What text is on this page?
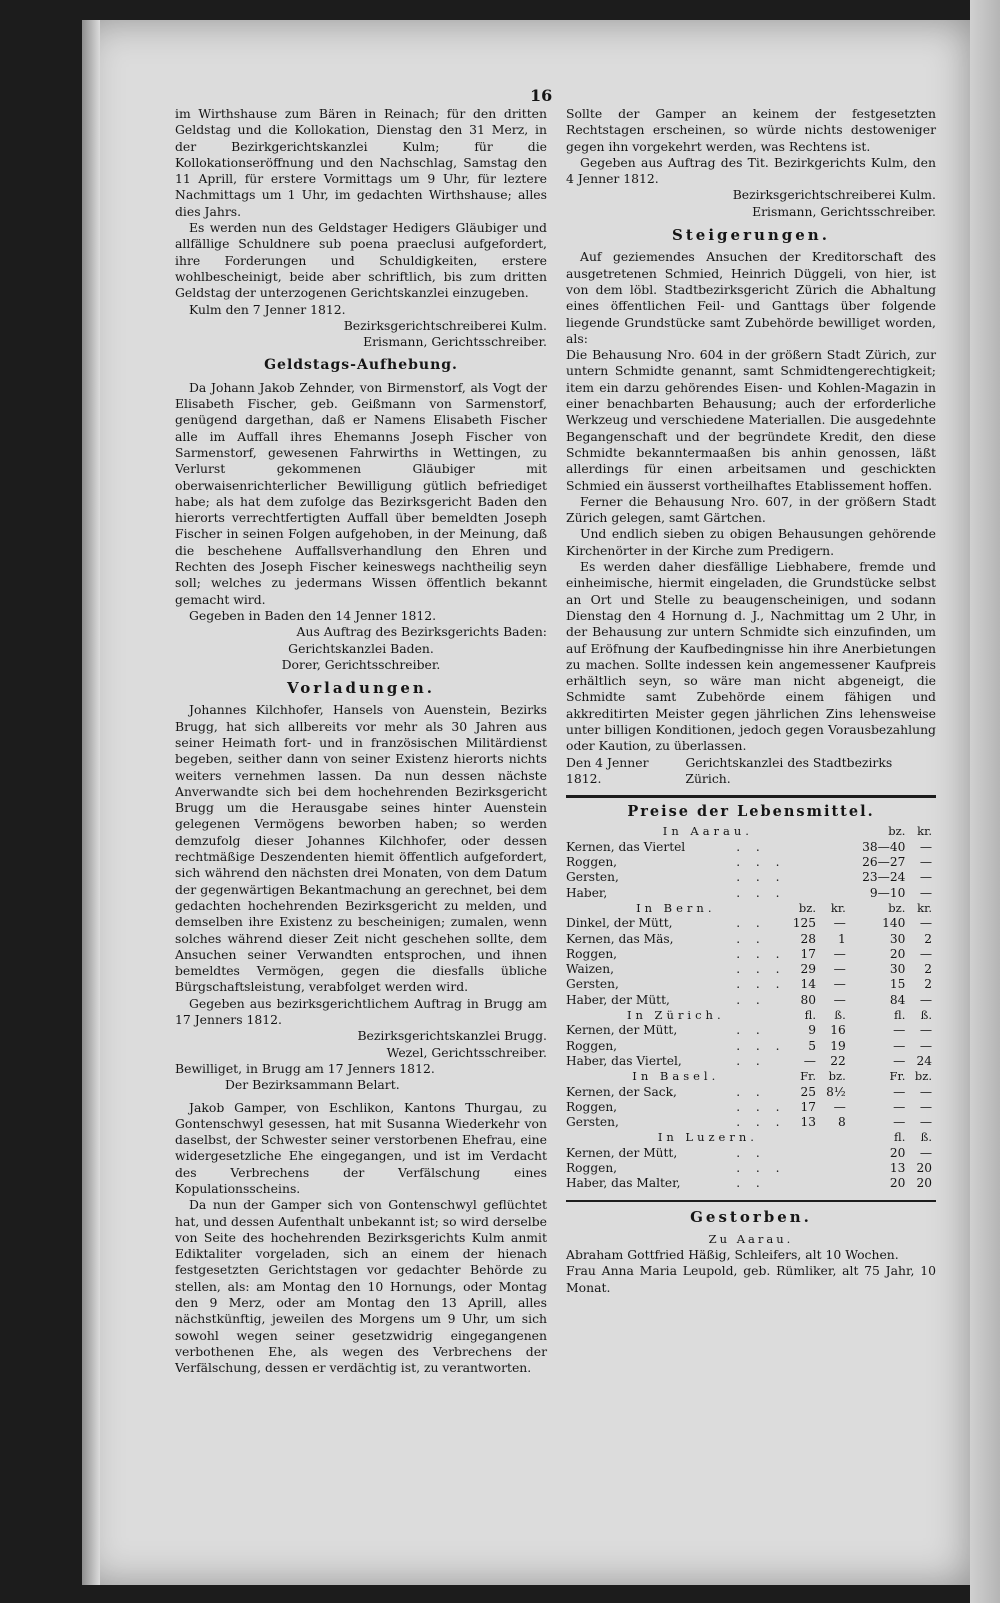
16

im Wirthshause zum Bären in Reinach; für den dritten Geldstag und die Kollokation, Dienstag den 31 Merz, in der Bezirkgerichtskanzlei Kulm; für die Kollokationseröffnung und den Nachschlag, Samstag den 11 Aprill, für erstere Vormittags um 9 Uhr, für leztere Nachmittags um 1 Uhr, im gedachten Wirthshause; alles dies Jahrs.

Es werden nun des Geldstager Hedigers Gläubiger und allfällige Schuldnere sub poena praeclusi aufgefordert, ihre Forderungen und Schuldigkeiten, erstere wohlbescheinigt, beide aber schriftlich, bis zum dritten Geldstag der unterzogenen Gerichtskanzlei einzugeben.

Kulm den 7 Jenner 1812.

Bezirksgerichtschreiberei Kulm.

Erismann, Gerichtsschreiber.

Geldstags-Aufhebung.

Da Johann Jakob Zehnder, von Birmenstorf, als Vogt der Elisabeth Fischer, geb. Geißmann von Sarmenstorf, genügend dargethan, daß er Namens Elisabeth Fischer alle im Auffall ihres Ehemanns Joseph Fischer von Sarmenstorf, gewesenen Fahrwirths in Wettingen, zu Verlurst gekommenen Gläubiger mit oberwaisenrichterlicher Bewilligung gütlich befriediget habe; als hat dem zufolge das Bezirksgericht Baden den hierorts verrechtfertigten Auffall über bemeldten Joseph Fischer in seinen Folgen aufgehoben, in der Meinung, daß die beschehene Auffallsverhandlung den Ehren und Rechten des Joseph Fischer keineswegs nachtheilig seyn soll; welches zu jedermans Wissen öffentlich bekannt gemacht wird.

Gegeben in Baden den 14 Jenner 1812.

Aus Auftrag des Bezirksgerichts Baden:

Gerichtskanzlei Baden.

Dorer, Gerichtsschreiber.

Vorladungen.

Johannes Kilchhofer, Hansels von Auenstein, Bezirks Brugg, hat sich allbereits vor mehr als 30 Jahren aus seiner Heimath fort- und in französischen Militärdienst begeben, seither dann von seiner Existenz hierorts nichts weiters vernehmen lassen. Da nun dessen nächste Anverwandte sich bei dem hochehrenden Bezirksgericht Brugg um die Herausgabe seines hinter Auenstein gelegenen Vermögens beworben haben; so werden demzufolg dieser Johannes Kilchhofer, oder dessen rechtmäßige Deszendenten hiemit öffentlich aufgefordert, sich während den nächsten drei Monaten, von dem Datum der gegenwärtigen Bekantmachung an gerechnet, bei dem gedachten hochehrenden Bezirksgericht zu melden, und demselben ihre Existenz zu bescheinigen; zumalen, wenn solches während dieser Zeit nicht geschehen sollte, dem Ansuchen seiner Verwandten entsprochen, und ihnen bemeldtes Vermögen, gegen die diesfalls übliche Bürgschaftsleistung, verabfolget werden wird.

Gegeben aus bezirksgerichtlichem Auftrag in Brugg am 17 Jenners 1812.

Bezirksgerichtskanzlei Brugg.

Wezel, Gerichtsschreiber.

Bewilliget, in Brugg am 17 Jenners 1812.

Der Bezirksammann Belart.

Jakob Gamper, von Eschlikon, Kantons Thurgau, zu Gontenschwyl gesessen, hat mit Susanna Wiederkehr von daselbst, der Schwester seiner verstorbenen Ehefrau, eine widergesetzliche Ehe eingegangen, und ist im Verdacht des Verbrechens der Verfälschung eines Kopulationsscheins.

Da nun der Gamper sich von Gontenschwyl geflüchtet hat, und dessen Aufenthalt unbekannt ist; so wird derselbe von Seite des hochehrenden Bezirksgerichts Kulm anmit Ediktaliter vorgeladen, sich an einem der hienach festgesetzten Gerichtstagen vor gedachter Behörde zu stellen, als: am Montag den 10 Hornungs, oder Montag den 9 Merz, oder am Montag den 13 Aprill, alles nächstkünftig, jeweilen des Morgens um 9 Uhr, um sich sowohl wegen seiner gesetzwidrig eingegangenen verbothenen Ehe, als wegen des Verbrechens der Verfälschung, dessen er verdächtig ist, zu verantworten.

Sollte der Gamper an keinem der festgesetzten Rechtstagen erscheinen, so würde nichts destoweniger gegen ihn vorgekehrt werden, was Rechtens ist.

Gegeben aus Auftrag des Tit. Bezirkgerichts Kulm, den 4 Jenner 1812.

Bezirksgerichtschreiberei Kulm.

Erismann, Gerichtsschreiber.

Steigerungen.

Auf geziemendes Ansuchen der Kreditorschaft des ausgetretenen Schmied, Heinrich Düggeli, von hier, ist von dem löbl. Stadtbezirksgericht Zürich die Abhaltung eines öffentlichen Feil- und Ganttags über folgende liegende Grundstücke samt Zubehörde bewilliget worden, als:

Die Behausung Nro. 604 in der größern Stadt Zürich, zur untern Schmidte genannt, samt Schmidtengerechtigkeit; item ein darzu gehörendes Eisen- und Kohlen-Magazin in einer benachbarten Behausung; auch der erforderliche Werkzeug und verschiedene Materiallen. Die ausgedehnte Begangenschaft und der begründete Kredit, den diese Schmidte bekanntermaaßen bis anhin genossen, läßt allerdings für einen arbeitsamen und geschickten Schmied ein äusserst vortheilhaftes Etablissement hoffen.

Ferner die Behausung Nro. 607, in der größern Stadt Zürich gelegen, samt Gärtchen.

Und endlich sieben zu obigen Behausungen gehörende Kirchenörter in der Kirche zum Predigern.

Es werden daher diesfällige Liebhabere, fremde und einheimische, hiermit eingeladen, die Grundstücke selbst an Ort und Stelle zu beaugenscheinigen, und sodann Dienstag den 4 Hornung d. J., Nachmittag um 2 Uhr, in der Behausung zur untern Schmidte sich einzufinden, um auf Eröfnung der Kaufbedingnisse hin ihre Anerbietungen zu machen. Sollte indessen kein angemessener Kaufpreis erhältlich seyn, so wäre man nicht abgeneigt, die Schmidte samt Zubehörde einem fähigen und akkreditirten Meister gegen jährlichen Zins lehensweise unter billigen Konditionen, jedoch gegen Vorausbezahlung oder Kaution, zu überlassen.

Den 4 Jenner 1812.
Gerichtskanzlei des Stadtbezirks Zürich.
Preise der Lebensmittel.
In Aarau.				bz.	kr.
Kernen, das Viertel	. .			38—40	—
Roggen,	. . .			26—27	—
Gersten,	. . .			23—24	—
Haber,	. . .			9—10	—
In Bern.		bz.	kr.	bz.	kr.
Dinkel, der Mütt,	. .	125	—	140	—
Kernen, das Mäs,	. .	28	1	30	2
Roggen,	. . .	17	—	20	—
Waizen,	. . .	29	—	30	2
Gersten,	. . .	14	—	15	2
Haber, der Mütt,	. .	80	—	84	—
In Zürich.		fl.	ß.	fl.	ß.
Kernen, der Mütt,	. .	9	16	—	—
Roggen,	. . .	5	19	—	—
Haber, das Viertel,	. .	—	22	—	24
In Basel.		Fr.	bz.	Fr.	bz.
Kernen, der Sack,	. .	25	8½	—	—
Roggen,	. . .	17	—	—	—
Gersten,	. . .	13	8	—	—
In Luzern.				fl.	ß.
Kernen, der Mütt,	. .			20	—
Roggen,	. . .			13	20
Haber, das Malter,	. .			20	20
Gestorben.

Zu Aarau.

Abraham Gottfried Häßig, Schleifers, alt 10 Wochen.

Frau Anna Maria Leupold, geb. Rümliker, alt 75 Jahr, 10 Monat.
